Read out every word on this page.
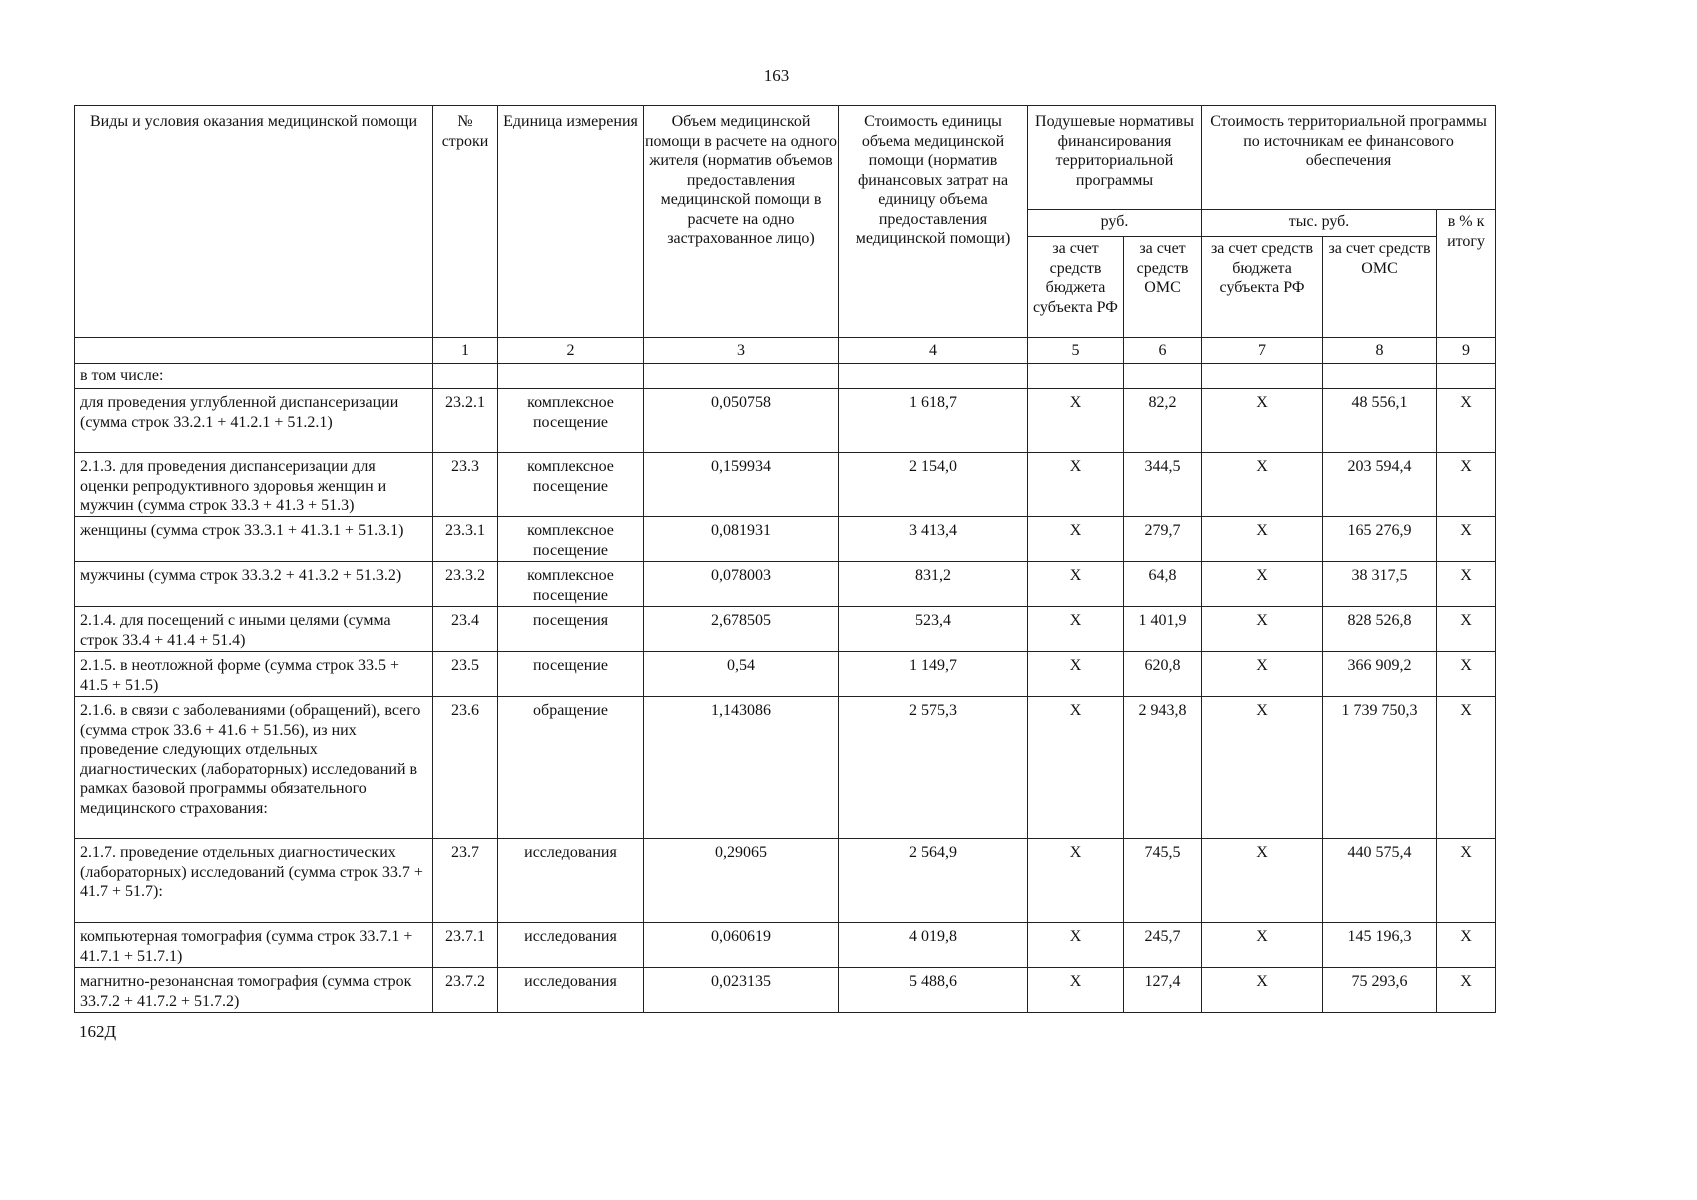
163
Виды и условия оказания медицинской помощи	№ строки	Единица измерения	Объем медицинской помощи в расчете на одного жителя (норматив объемов предоставления медицинской помощи в расчете на одно застрахованное лицо)	Стоимость единицы объема медицинской помощи (норматив финансовых затрат на единицу объема предоставления медицинской помощи)	Подушевые нормативы финансирования территориальной программы		Стоимость территориальной программы по источникам ее финансового обеспечения		
					руб.		тыс. руб.		в % к итогу
					за счет средств бюджета субъекта РФ	за счет средств ОМС	за счет средств бюджета субъекта РФ	за счет средств ОМС	
	1	2	3	4	5	6	7	8	9
в том числе:									
для проведения углубленной диспансеризации (сумма строк 33.2.1 + 41.2.1 + 51.2.1)	23.2.1	комплексное посещение	0,050758	1 618,7	X	82,2	X	48 556,1	X
2.1.3. для проведения диспансеризации для оценки репродуктивного здоровья женщин и мужчин (сумма строк 33.3 + 41.3 + 51.3)	23.3	комплексное посещение	0,159934	2 154,0	X	344,5	X	203 594,4	X
женщины (сумма строк 33.3.1 + 41.3.1 + 51.3.1)	23.3.1	комплексное посещение	0,081931	3 413,4	X	279,7	X	165 276,9	X
мужчины (сумма строк 33.3.2 + 41.3.2 + 51.3.2)	23.3.2	комплексное посещение	0,078003	831,2	X	64,8	X	38 317,5	X
2.1.4. для посещений с иными целями (сумма строк 33.4 + 41.4 + 51.4)	23.4	посещения	2,678505	523,4	X	1 401,9	X	828 526,8	X
2.1.5. в неотложной форме (сумма строк 33.5 + 41.5 + 51.5)	23.5	посещение	0,54	1 149,7	X	620,8	X	366 909,2	X
2.1.6. в связи с заболеваниями (обращений), всего (сумма строк 33.6 + 41.6 + 51.56), из них проведение следующих отдельных диагностических (лабораторных) исследований в рамках базовой программы обязательного медицинского страхования:	23.6	обращение	1,143086	2 575,3	X	2 943,8	X	1 739 750,3	X
2.1.7. проведение отдельных диагностических (лабораторных) исследований (сумма строк 33.7 + 41.7 + 51.7):	23.7	исследования	0,29065	2 564,9	X	745,5	X	440 575,4	X
компьютерная томография (сумма строк 33.7.1 + 41.7.1 + 51.7.1)	23.7.1	исследования	0,060619	4 019,8	X	245,7	X	145 196,3	X
магнитно-резонансная томография (сумма строк 33.7.2 + 41.7.2 + 51.7.2)	23.7.2	исследования	0,023135	5 488,6	X	127,4	X	75 293,6	X
162Д
